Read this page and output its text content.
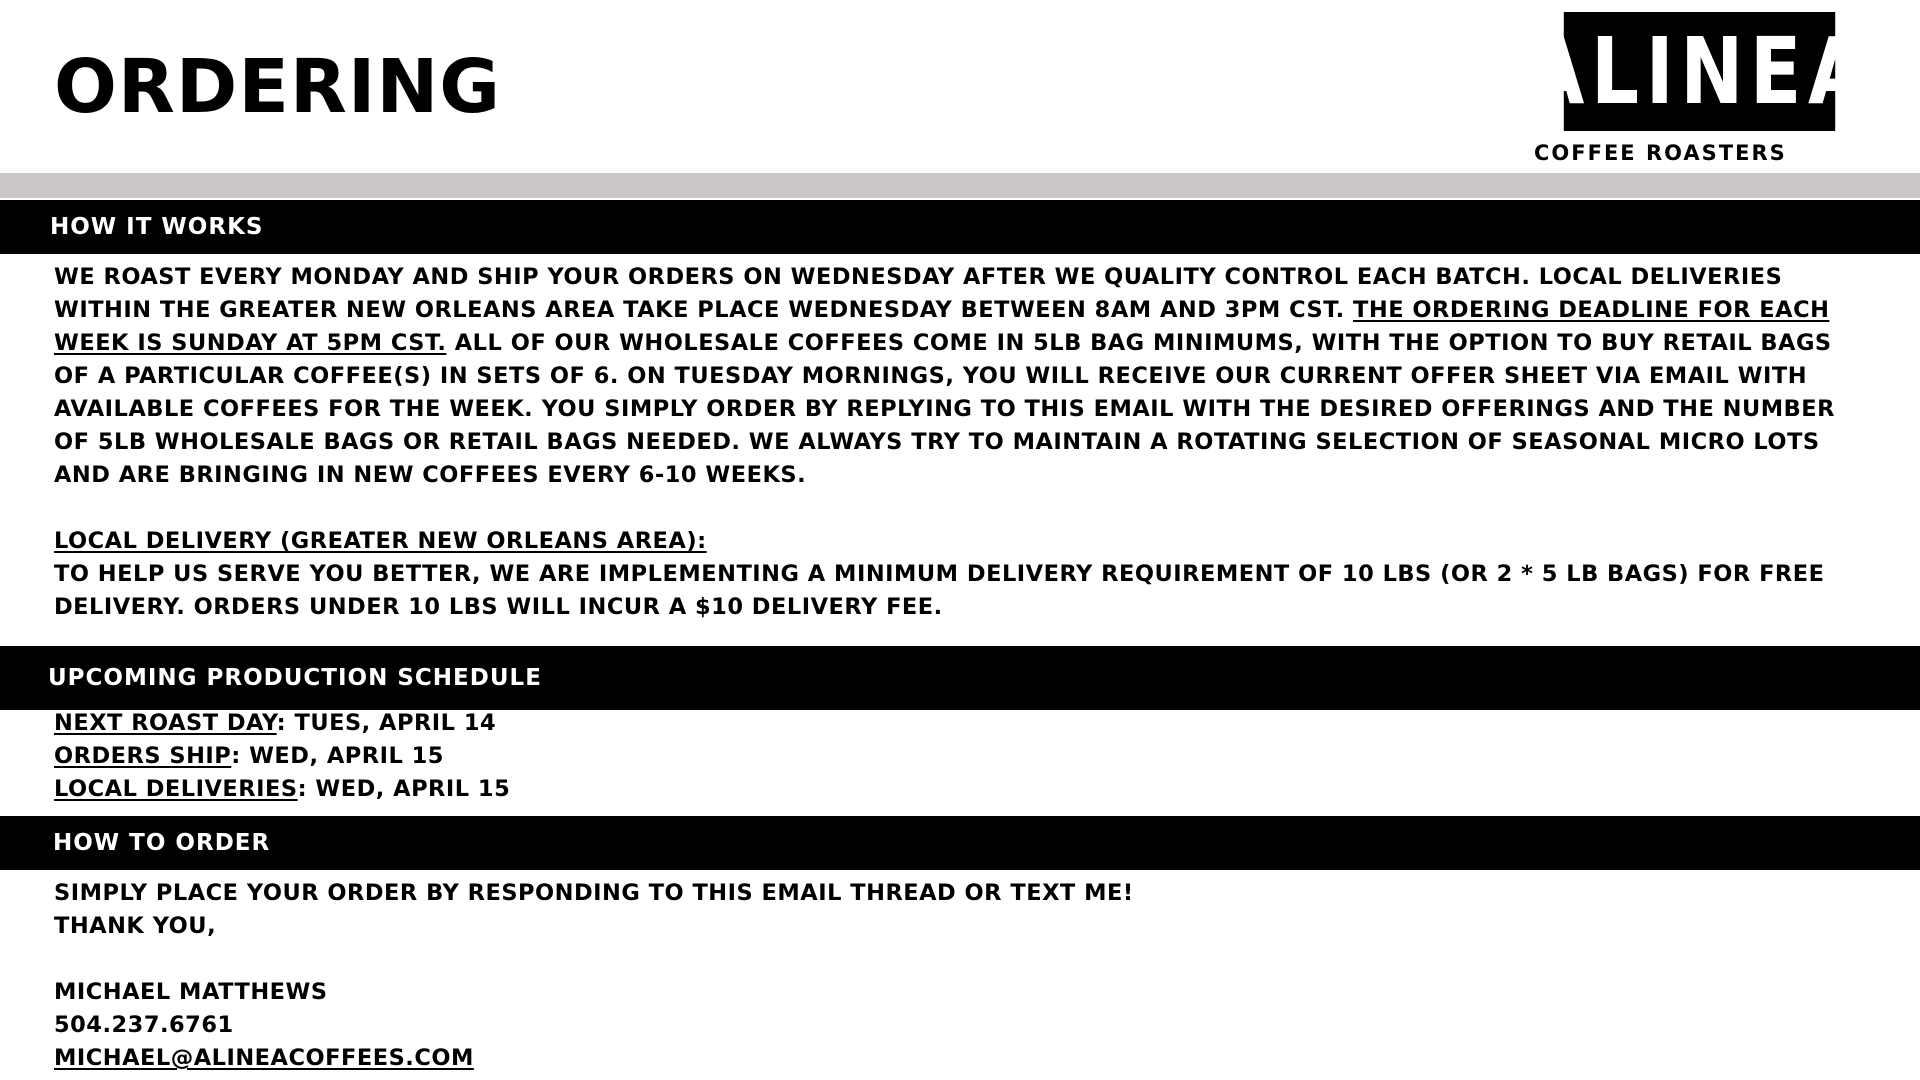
ORDERING	ALINEA
COFFEE ROASTERS
HOW IT WORKS

WE ROAST EVERY MONDAY AND SHIP YOUR ORDERS ON WEDNESDAY AFTER WE QUALITY CONTROL EACH BATCH. LOCAL DELIVERIES WITHIN THE GREATER NEW ORLEANS AREA TAKE PLACE WEDNESDAY BETWEEN 8AM AND 3PM CST. THE ORDERING DEADLINE FOR EACH WEEK IS SUNDAY AT 5PM CST. ALL OF OUR WHOLESALE COFFEES COME IN 5LB BAG MINIMUMS, WITH THE OPTION TO BUY RETAIL BAGS OF A PARTICULAR COFFEE(S) IN SETS OF 6. ON TUESDAY MORNINGS, YOU WILL RECEIVE OUR CURRENT OFFER SHEET VIA EMAIL WITH AVAILABLE COFFEES FOR THE WEEK. YOU SIMPLY ORDER BY REPLYING TO THIS EMAIL WITH THE DESIRED OFFERINGS AND THE NUMBER OF 5LB WHOLESALE BAGS OR RETAIL BAGS NEEDED. WE ALWAYS TRY TO MAINTAIN A ROTATING SELECTION OF SEASONAL MICRO LOTS AND ARE BRINGING IN NEW COFFEES EVERY 6-10 WEEKS.

LOCAL DELIVERY (GREATER NEW ORLEANS AREA):

TO HELP US SERVE YOU BETTER, WE ARE IMPLEMENTING A MINIMUM DELIVERY REQUIREMENT OF 10 LBS (OR 2 * 5 LB BAGS) FOR FREE DELIVERY. ORDERS UNDER 10 LBS WILL INCUR A $10 DELIVERY FEE.

UPCOMING PRODUCTION SCHEDULE

NEXT ROAST DAY: TUES, APRIL 14

ORDERS SHIP: WED, APRIL 15

LOCAL DELIVERIES: WED, APRIL 15

HOW TO ORDER

SIMPLY PLACE YOUR ORDER BY RESPONDING TO THIS EMAIL THREAD OR TEXT ME!

THANK YOU,

MICHAEL MATTHEWS

504.237.6761

MICHAEL@ALINEACOFFEES.COM
